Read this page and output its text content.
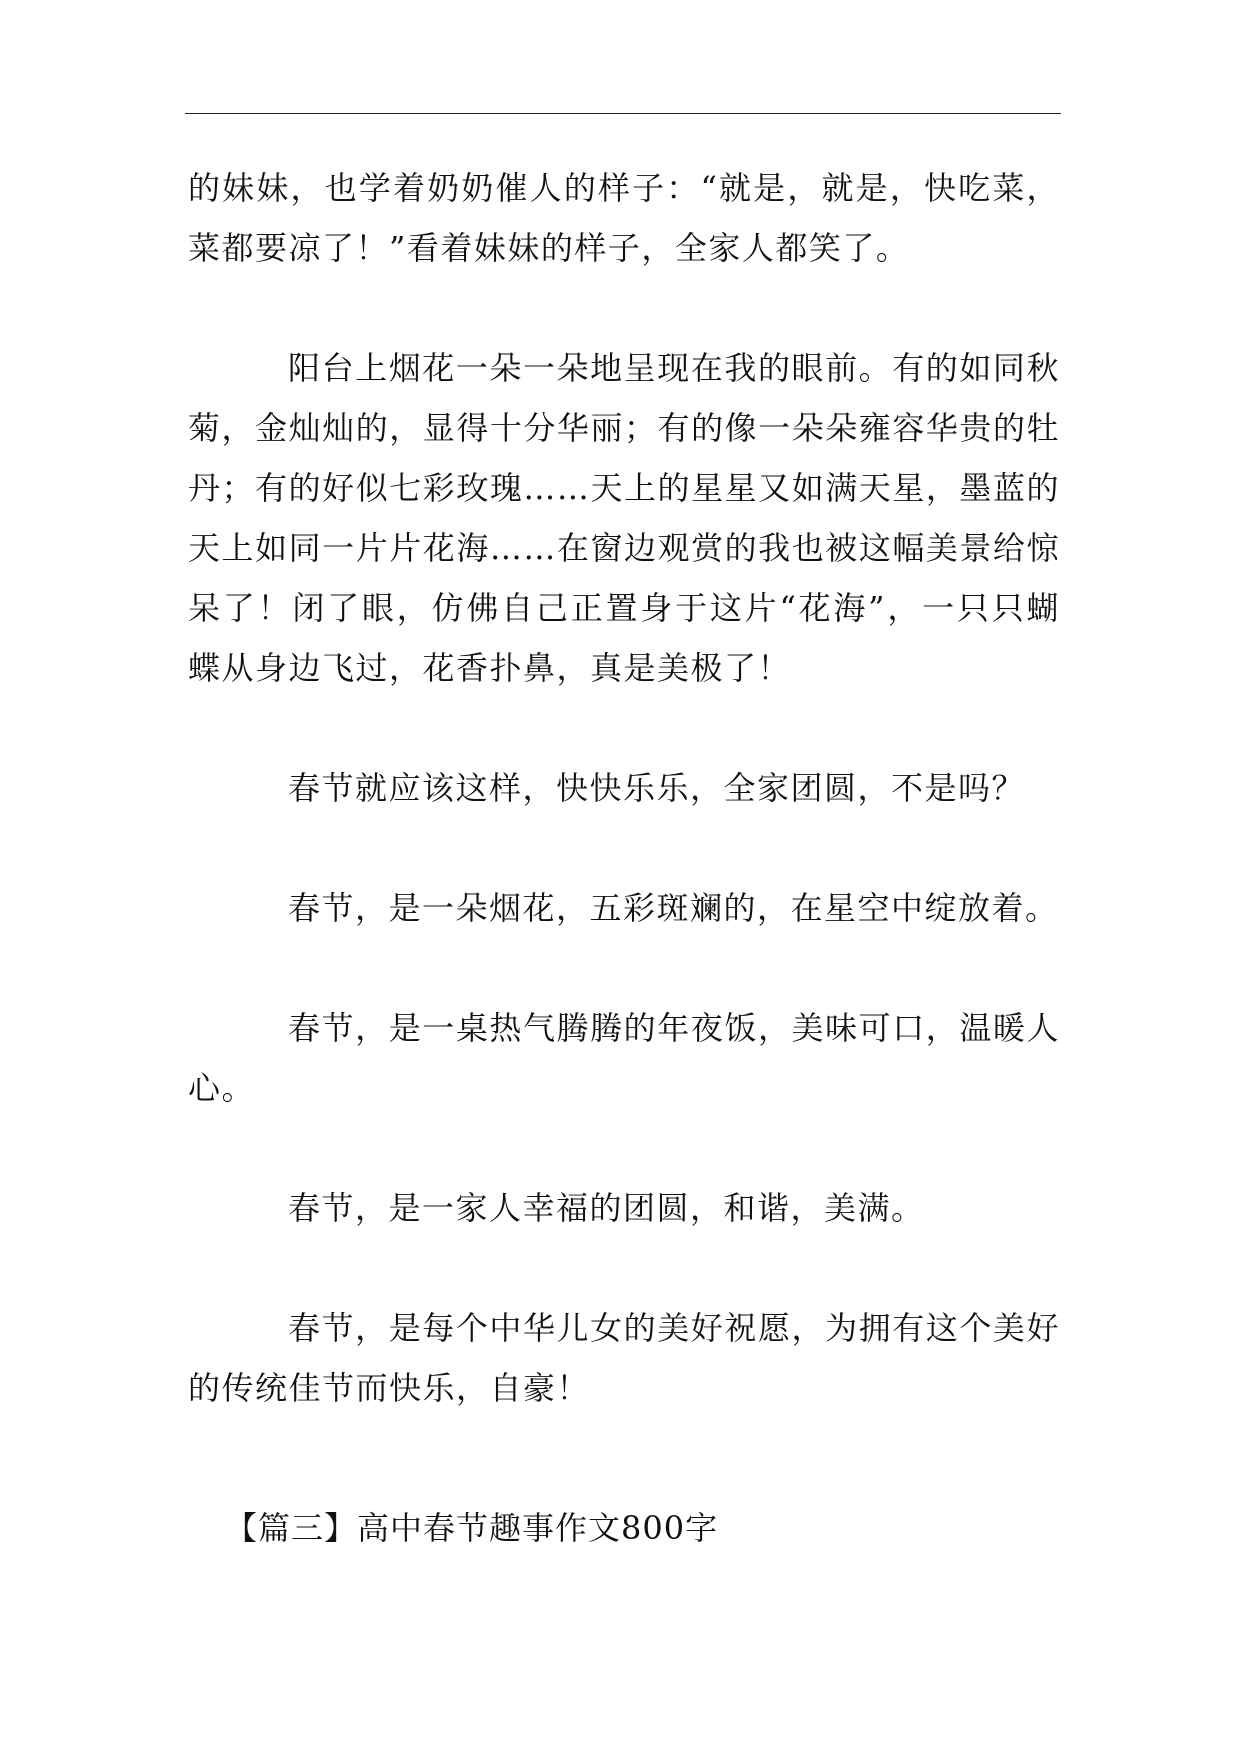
的妹妹，也学着奶奶催人的样子：“就是，就是，快吃菜，菜都要凉了！”看着妹妹的样子，全家人都笑了。

阳台上烟花一朵一朵地呈现在我的眼前。有的如同秋菊，金灿灿的，显得十分华丽；有的像一朵朵雍容华贵的牡丹；有的好似七彩玫瑰……天上的星星又如满天星，墨蓝的天上如同一片片花海……在窗边观赏的我也被这幅美景给惊呆了！闭了眼，仿佛自己正置身于这片“花海”，一只只蝴蝶从身边飞过，花香扑鼻，真是美极了！

春节就应该这样，快快乐乐，全家团圆，不是吗？

春节，是一朵烟花，五彩斑斓的，在星空中绽放着。

春节，是一桌热气腾腾的年夜饭，美味可口，温暖人心。

春节，是一家人幸福的团圆，和谐，美满。

春节，是每个中华儿女的美好祝愿，为拥有这个美好的传统佳节而快乐，自豪！

【篇三】高中春节趣事作文800字
